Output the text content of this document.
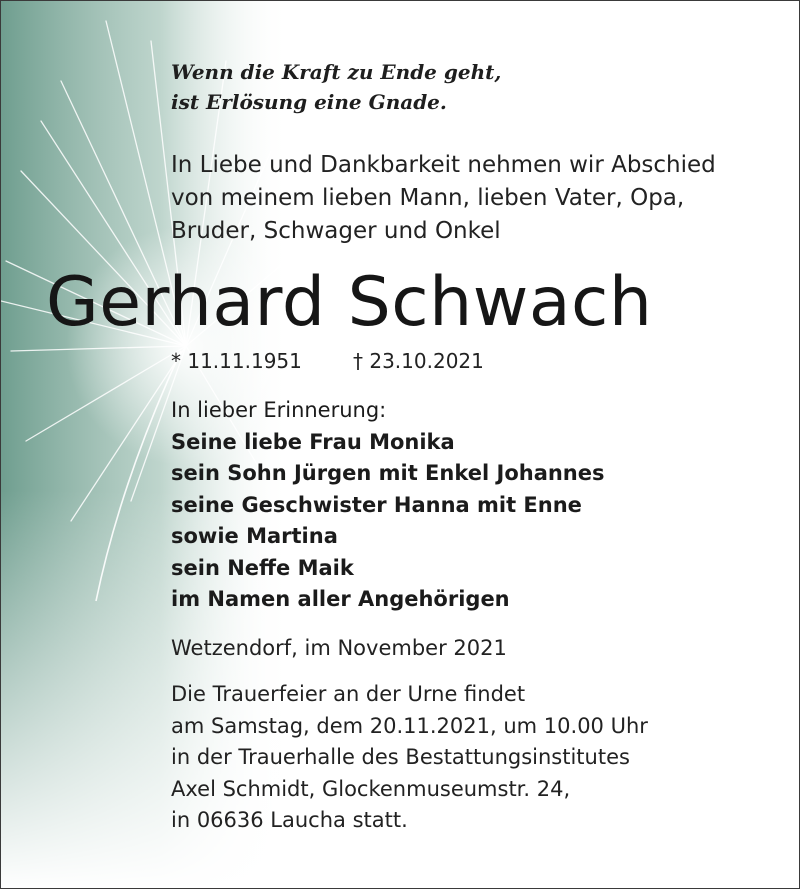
Wenn die Kraft zu Ende geht,
ist Erlösung eine Gnade.
In Liebe und Dankbarkeit nehmen wir Abschied
von meinem lieben Mann, lieben Vater, Opa,
Bruder, Schwager und Onkel
Gerhard Schwach
* 11.11.1951	† 23.10.2021
In lieber Erinnerung:
Seine liebe Frau Monika
sein Sohn Jürgen mit Enkel Johannes
seine Geschwister Hanna mit Enne
sowie Martina
sein Neffe Maik
im Namen aller Angehörigen
Wetzendorf, im November 2021
Die Trauerfeier an der Urne findet
am Samstag, dem 20.11.2021, um 10.00 Uhr
in der Trauerhalle des Bestattungsinstitutes
Axel Schmidt, Glockenmuseumstr. 24,
in 06636 Laucha statt.
